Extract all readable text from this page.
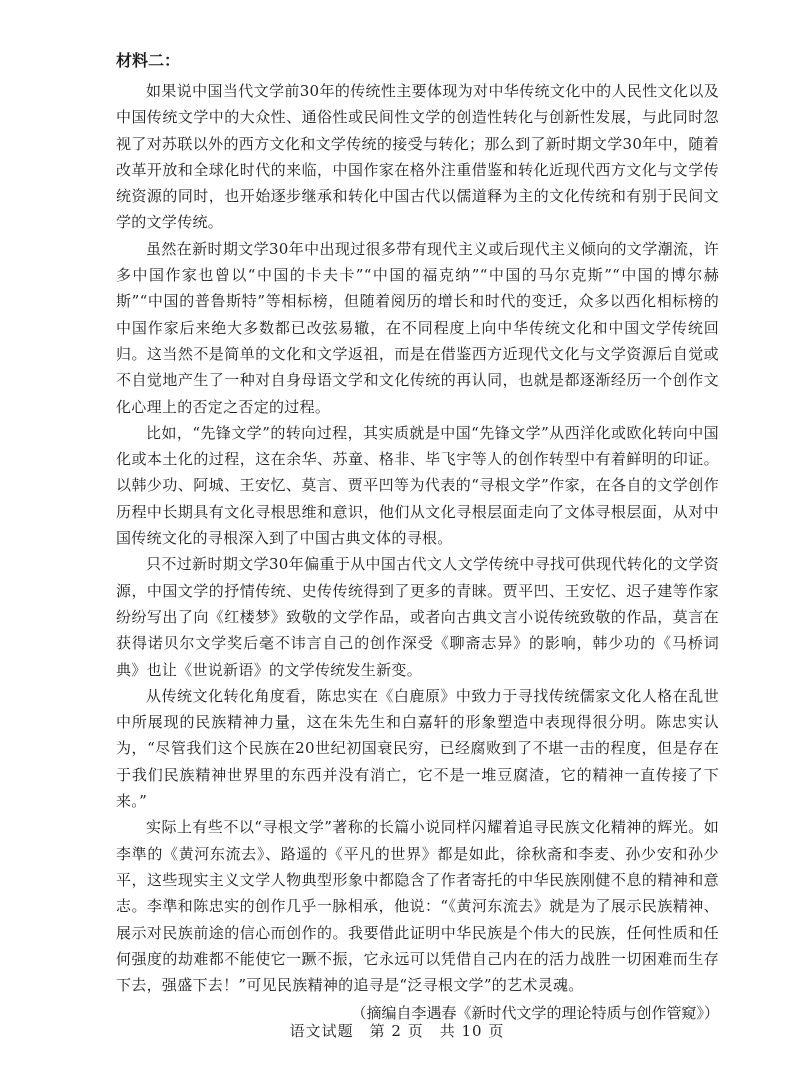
材料二：

如果说中国当代文学前30年的传统性主要体现为对中华传统文化中的人民性文化以及中国传统文学中的大众性、通俗性或民间性文学的创造性转化与创新性发展，与此同时忽视了对苏联以外的西方文化和文学传统的接受与转化；那么到了新时期文学30年中，随着改革开放和全球化时代的来临，中国作家在格外注重借鉴和转化近现代西方文化与文学传统资源的同时，也开始逐步继承和转化中国古代以儒道释为主的文化传统和有别于民间文学的文学传统。

虽然在新时期文学30年中出现过很多带有现代主义或后现代主义倾向的文学潮流，许多中国作家也曾以“中国的卡夫卡”“中国的福克纳”“中国的马尔克斯”“中国的博尔赫斯”“中国的普鲁斯特”等相标榜，但随着阅历的增长和时代的变迁，众多以西化相标榜的中国作家后来绝大多数都已改弦易辙，在不同程度上向中华传统文化和中国文学传统回归。这当然不是简单的文化和文学返祖，而是在借鉴西方近现代文化与文学资源后自觉或不自觉地产生了一种对自身母语文学和文化传统的再认同，也就是都逐渐经历一个创作文化心理上的否定之否定的过程。

比如，“先锋文学”的转向过程，其实质就是中国“先锋文学”从西洋化或欧化转向中国化或本土化的过程，这在余华、苏童、格非、毕飞宇等人的创作转型中有着鲜明的印证。以韩少功、阿城、王安忆、莫言、贾平凹等为代表的“寻根文学”作家，在各自的文学创作历程中长期具有文化寻根思维和意识，他们从文化寻根层面走向了文体寻根层面，从对中国传统文化的寻根深入到了中国古典文体的寻根。

只不过新时期文学30年偏重于从中国古代文人文学传统中寻找可供现代转化的文学资源，中国文学的抒情传统、史传传统得到了更多的青睐。贾平凹、王安忆、迟子建等作家纷纷写出了向《红楼梦》致敬的文学作品，或者向古典文言小说传统致敬的作品，莫言在获得诺贝尔文学奖后毫不讳言自己的创作深受《聊斋志异》的影响，韩少功的《马桥词典》也让《世说新语》的文学传统发生新变。

从传统文化转化角度看，陈忠实在《白鹿原》中致力于寻找传统儒家文化人格在乱世中所展现的民族精神力量，这在朱先生和白嘉轩的形象塑造中表现得很分明。陈忠实认为，“尽管我们这个民族在20世纪初国衰民穷，已经腐败到了不堪一击的程度，但是存在于我们民族精神世界里的东西并没有消亡，它不是一堆豆腐渣，它的精神一直传接了下来。”

实际上有些不以“寻根文学”著称的长篇小说同样闪耀着追寻民族文化精神的辉光。如李準的《黄河东流去》、路遥的《平凡的世界》都是如此，徐秋斋和李麦、孙少安和孙少平，这些现实主义文学人物典型形象中都隐含了作者寄托的中华民族刚健不息的精神和意志。李準和陈忠实的创作几乎一脉相承，他说：“《黄河东流去》就是为了展示民族精神、展示对民族前途的信心而创作的。我要借此证明中华民族是个伟大的民族，任何性质和任何强度的劫难都不能使它一蹶不振，它永远可以凭借自己内在的活力战胜一切困难而生存下去，强盛下去！”可见民族精神的追寻是“泛寻根文学”的艺术灵魂。

（摘编自李遇春《新时代文学的理论特质与创作管窥》）

语文试题　第 2 页　共 10 页
